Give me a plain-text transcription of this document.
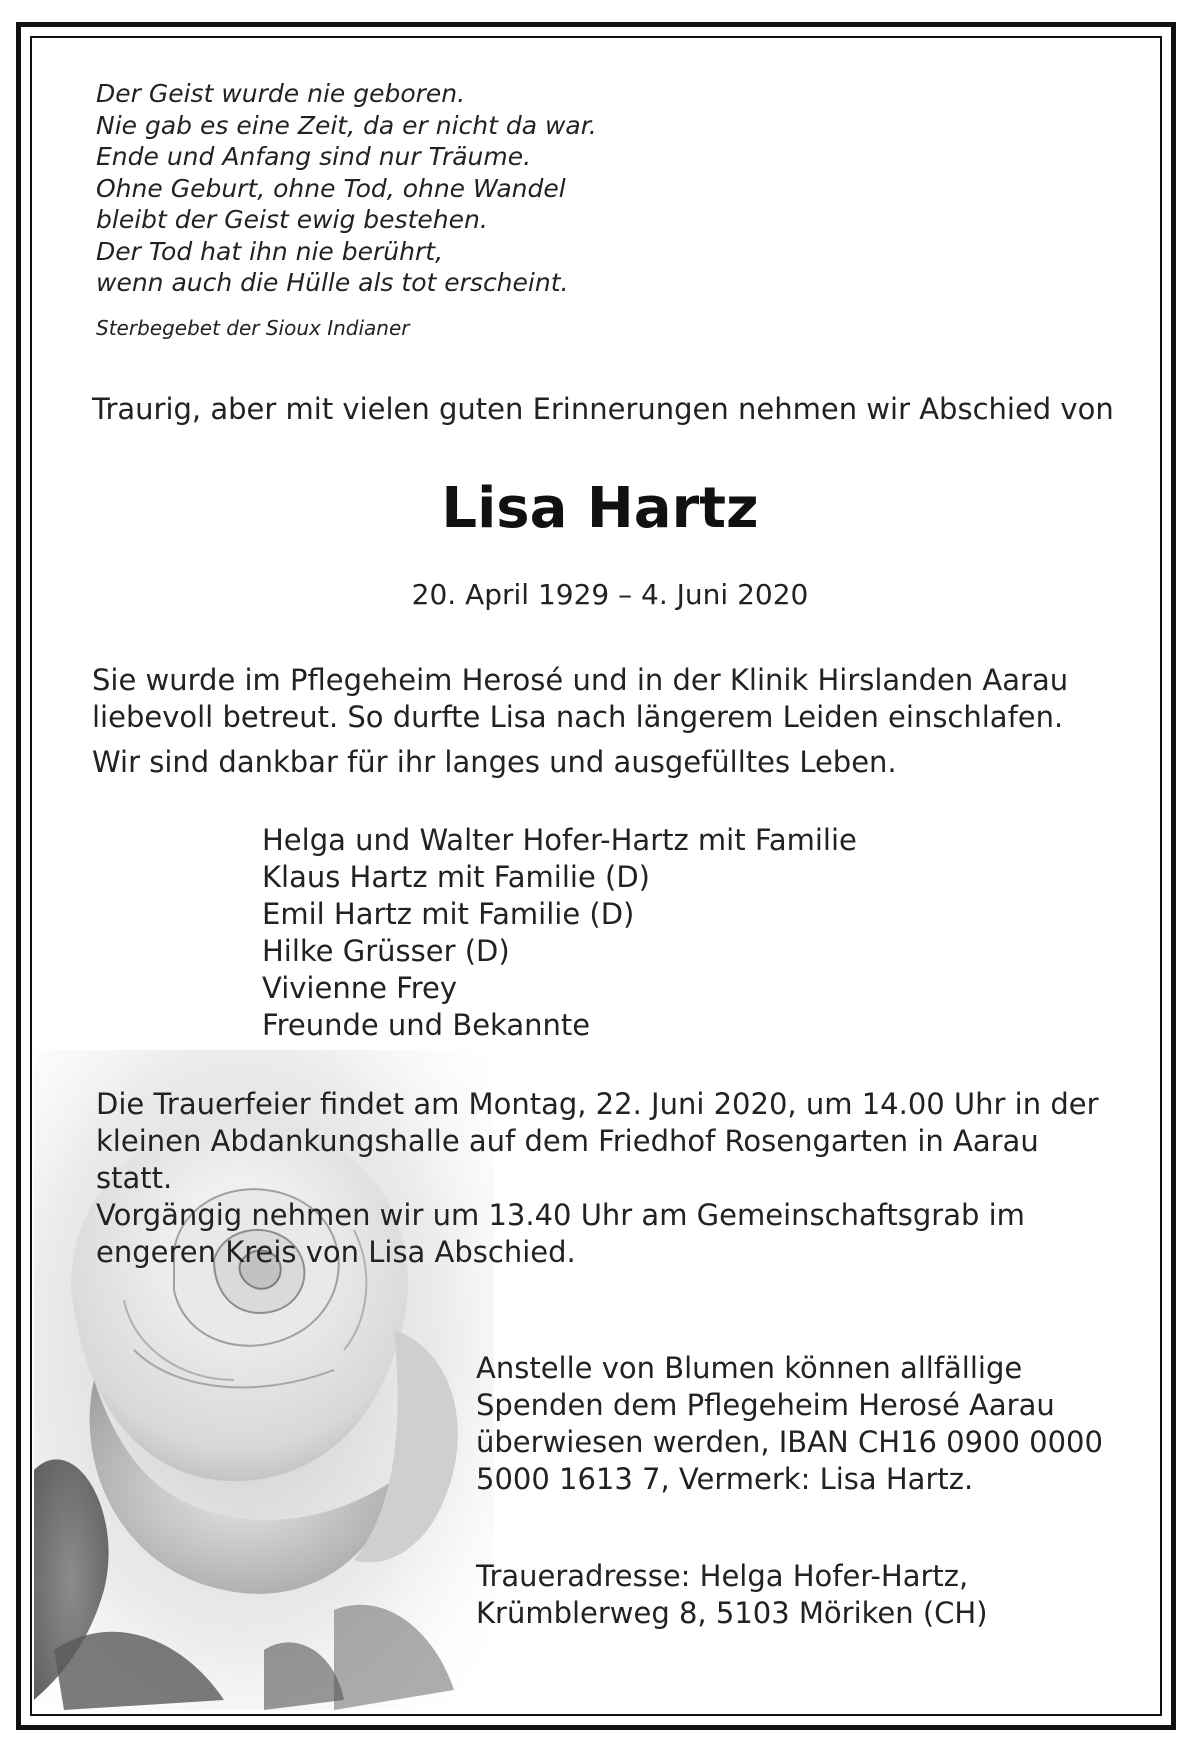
Der Geist wurde nie geboren.
Nie gab es eine Zeit, da er nicht da war.
Ende und Anfang sind nur Träume.
Ohne Geburt, ohne Tod, ohne Wandel
bleibt der Geist ewig bestehen.
Der Tod hat ihn nie berührt,
wenn auch die Hülle als tot erscheint.
Sterbegebet der Sioux Indianer
Traurig, aber mit vielen guten Erinnerungen nehmen wir Abschied von
Lisa Hartz
20. April 1929 – 4. Juni 2020
Sie wurde im Pflegeheim Herosé und in der Klinik Hirslanden Aarau
liebevoll betreut. So durfte Lisa nach längerem Leiden einschlafen.
Wir sind dankbar für ihr langes und ausgefülltes Leben.
Helga und Walter Hofer-Hartz mit Familie
Klaus Hartz mit Familie (D)
Emil Hartz mit Familie (D)
Hilke Grüsser (D)
Vivienne Frey
Freunde und Bekannte
Die Trauerfeier findet am Montag, 22. Juni 2020, um 14.00 Uhr in der
kleinen Abdankungshalle auf dem Friedhof Rosengarten in Aarau
statt.
Vorgängig nehmen wir um 13.40 Uhr am Gemeinschaftsgrab im
engeren Kreis von Lisa Abschied.
Anstelle von Blumen können allfällige
Spenden dem Pflegeheim Herosé Aarau
überwiesen werden, IBAN CH16 0900 0000
5000 1613 7, Vermerk: Lisa Hartz.
Traueradresse: Helga Hofer-Hartz,
Krümblerweg 8, 5103 Möriken (CH)
